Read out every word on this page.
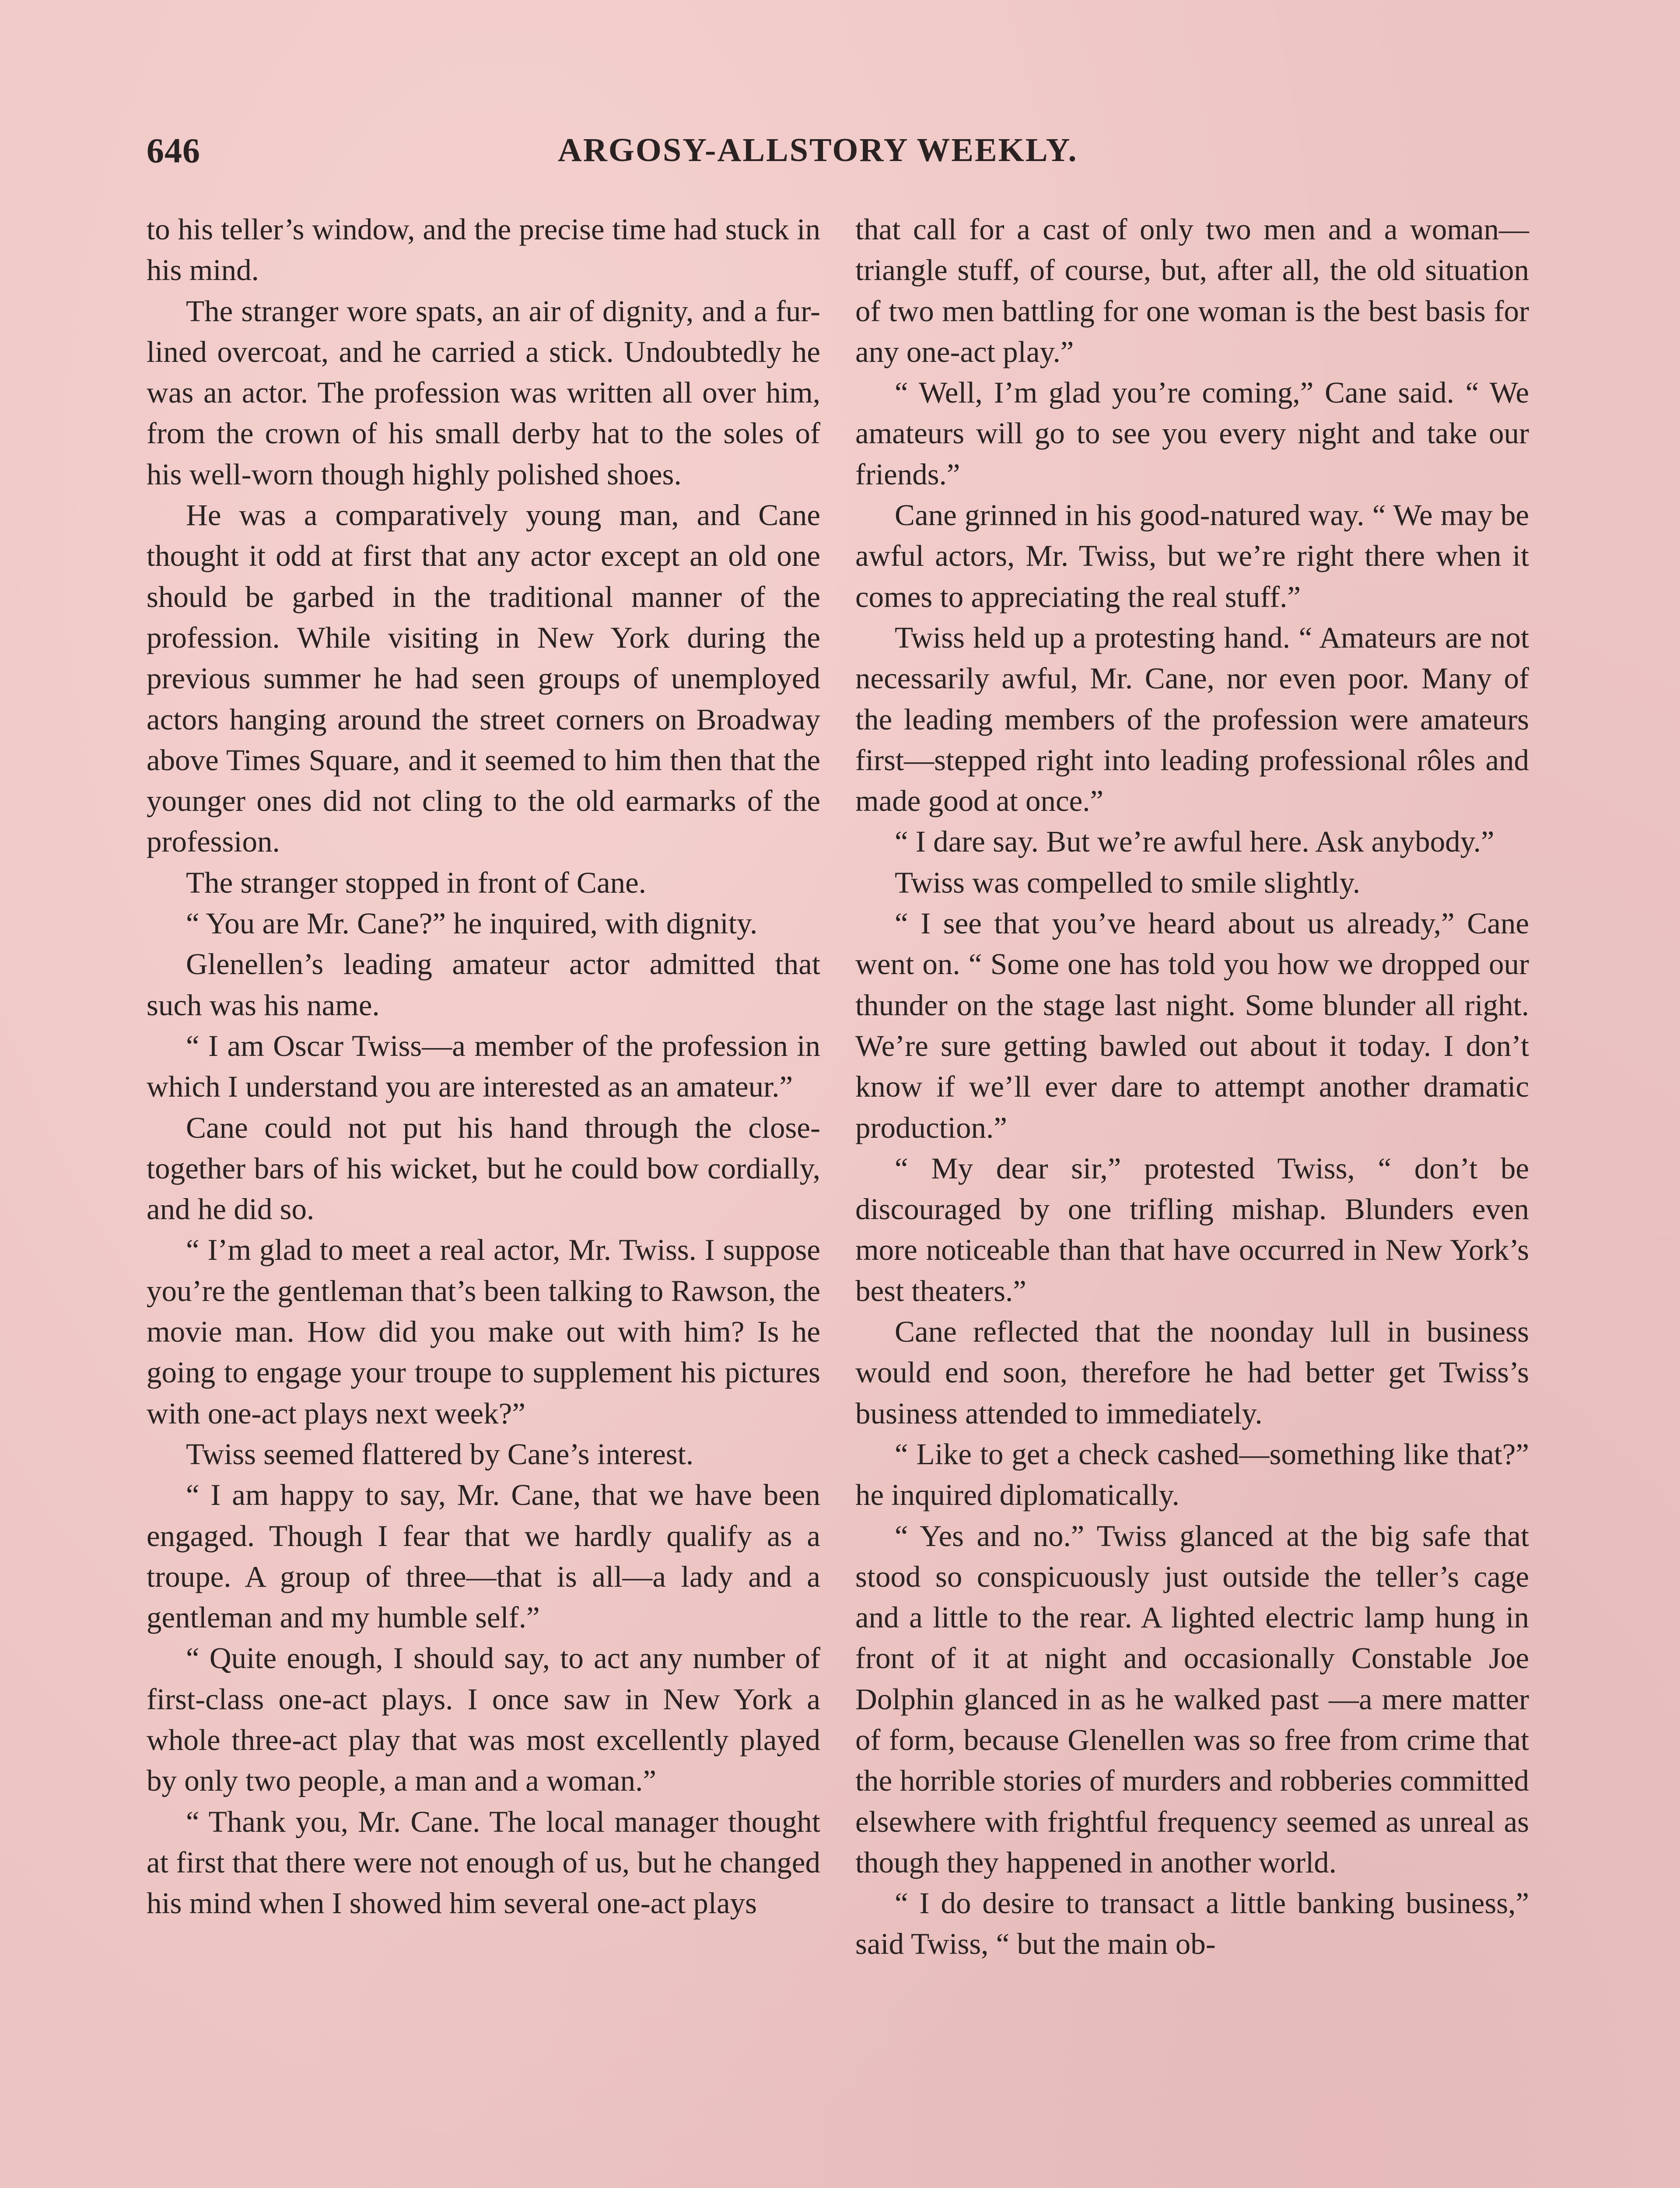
646	ARGOSY-ALLSTORY WEEKLY.

to his teller’s window, and the precise time had stuck in his mind.

The stranger wore spats, an air of dignity, and a fur-lined overcoat, and he carried a stick. Undoubtedly he was an actor. The profession was written all over him, from the crown of his small derby hat to the soles of his well-worn though highly polished shoes.

He was a comparatively young man, and Cane thought it odd at first that any actor except an old one should be garbed in the traditional manner of the profession. While visiting in New York during the previous summer he had seen groups of unemployed actors hanging around the street corners on Broadway above Times Square, and it seemed to him then that the younger ones did not cling to the old earmarks of the profession.

The stranger stopped in front of Cane.

“ You are Mr. Cane?” he inquired, with dignity.

Glenellen’s leading amateur actor admitted that such was his name.

“ I am Oscar Twiss—a member of the profession in which I understand you are interested as an amateur.”

Cane could not put his hand through the close-together bars of his wicket, but he could bow cordially, and he did so.

“ I’m glad to meet a real actor, Mr. Twiss. I suppose you’re the gentleman that’s been talking to Rawson, the movie man. How did you make out with him? Is he going to engage your troupe to supplement his pictures with one-act plays next week?”

Twiss seemed flattered by Cane’s interest.

“ I am happy to say, Mr. Cane, that we have been engaged. Though I fear that we hardly qualify as a troupe. A group of three—that is all—a lady and a gentleman and my humble self.”

“ Quite enough, I should say, to act any number of first-class one-act plays. I once saw in New York a whole three-act play that was most excellently played by only two people, a man and a woman.”

“ Thank you, Mr. Cane. The local manager thought at first that there were not enough of us, but he changed his mind when I showed him several one-act plays

that call for a cast of only two men and a woman—triangle stuff, of course, but, after all, the old situation of two men battling for one woman is the best basis for any one-act play.”

“ Well, I’m glad you’re coming,” Cane said. “ We amateurs will go to see you every night and take our friends.”

Cane grinned in his good-natured way. “ We may be awful actors, Mr. Twiss, but we’re right there when it comes to appreciating the real stuff.”

Twiss held up a protesting hand. “ Amateurs are not necessarily awful, Mr. Cane, nor even poor. Many of the leading members of the profession were amateurs first—stepped right into leading professional rôles and made good at once.”

“ I dare say. But we’re awful here. Ask anybody.”

Twiss was compelled to smile slightly.

“ I see that you’ve heard about us already,” Cane went on. “ Some one has told you how we dropped our thunder on the stage last night. Some blunder all right. We’re sure getting bawled out about it today. I don’t know if we’ll ever dare to attempt another dramatic production.”

“ My dear sir,” protested Twiss, “ don’t be discouraged by one trifling mishap. Blunders even more noticeable than that have occurred in New York’s best theaters.”

Cane reflected that the noonday lull in business would end soon, therefore he had better get Twiss’s business attended to immediately.

“ Like to get a check cashed—something like that?” he inquired diplomatically.

“ Yes and no.” Twiss glanced at the big safe that stood so conspicuously just outside the teller’s cage and a little to the rear. A lighted electric lamp hung in front of it at night and occasionally Constable Joe Dolphin glanced in as he walked past —a mere matter of form, because Glenellen was so free from crime that the horrible stories of murders and robberies committed elsewhere with frightful frequency seemed as unreal as though they happened in another world.

“ I do desire to transact a little banking business,” said Twiss, “ but the main ob-
